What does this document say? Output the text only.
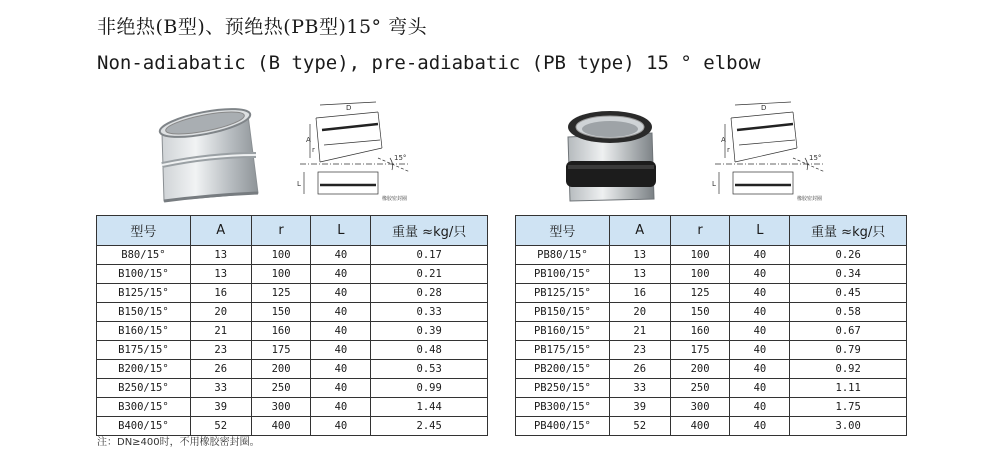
非绝热(B型)、预绝热(PB型)15° 弯头
Non-adiabatic (B type), pre-adiabatic (PB type) 15 ° elbow
D
A
L
r
15°
橡胶密封圈
D
A
L
r
15°
橡胶密封圈
型号	A	r	L	重量 ≈kg/只
B80/15°	13	100	40	0.17
B100/15°	13	100	40	0.21
B125/15°	16	125	40	0.28
B150/15°	20	150	40	0.33
B160/15°	21	160	40	0.39
B175/15°	23	175	40	0.48
B200/15°	26	200	40	0.53
B250/15°	33	250	40	0.99
B300/15°	39	300	40	1.44
B400/15°	52	400	40	2.45
型号	A	r	L	重量 ≈kg/只
PB80/15°	13	100	40	0.26
PB100/15°	13	100	40	0.34
PB125/15°	16	125	40	0.45
PB150/15°	20	150	40	0.58
PB160/15°	21	160	40	0.67
PB175/15°	23	175	40	0.79
PB200/15°	26	200	40	0.92
PB250/15°	33	250	40	1.11
PB300/15°	39	300	40	1.75
PB400/15°	52	400	40	3.00
注：DN≥400时，不用橡胶密封圈。
